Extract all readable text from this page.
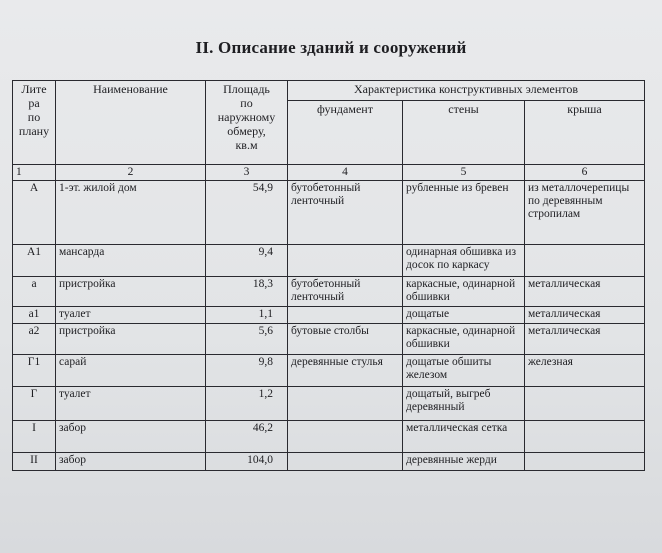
II. Описание зданий и сооружений
Лите
ра
по
плану	Наименование	Площадь
по
наружному
обмеру,
кв.м	Характеристика конструктивных элементов		
			фундамент	стены	крыша
1	2	3	4	5	6
А	1-эт. жилой дом	54,9	бутобетонный ленточный	рубленные из бревен	из металлочерепицы по деревянным стропилам
А1	мансарда	9,4		одинарная обшивка из досок по каркасу	
а	пристройка	18,3	бутобетонный ленточный	каркасные, одинарной обшивки	металлическая
а1	туалет	1,1		дощатые	металлическая
а2	пристройка	5,6	бутовые столбы	каркасные, одинарной обшивки	металлическая
Г1	сарай	9,8	деревянные стулья	дощатые обшиты железом	железная
Г	туалет	1,2		дощатый, выгреб деревянный	
I	забор	46,2		металлическая сетка	
II	забор	104,0		деревянные жерди	
